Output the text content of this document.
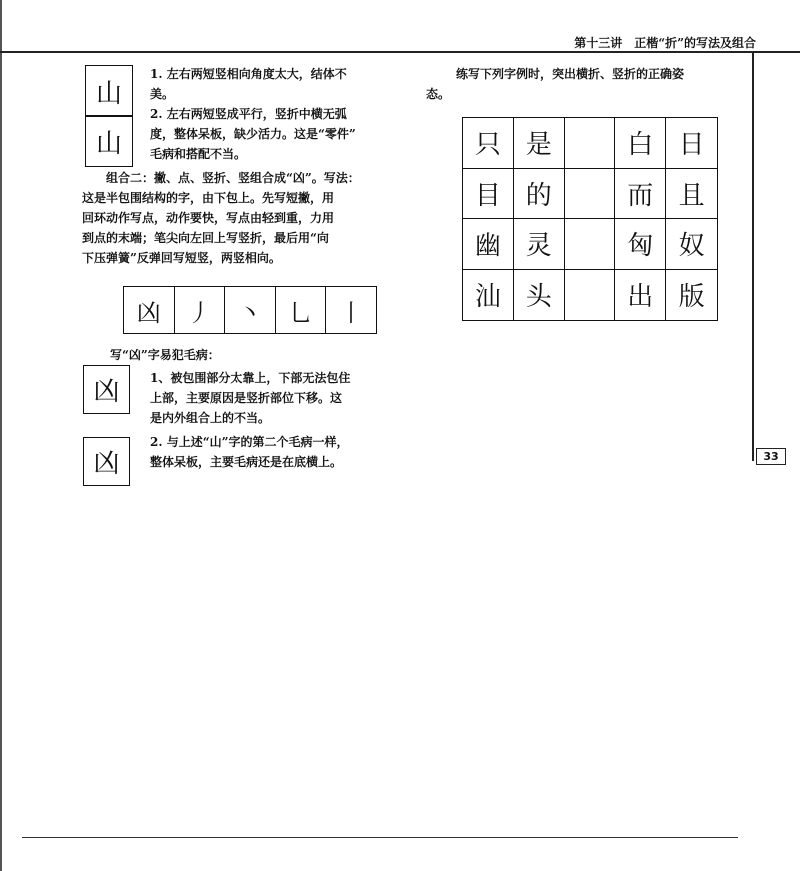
第十三讲　正楷“折”的写法及组合
33
山
山
1. 左右两短竖相向角度太大，结体不
美。
2. 左右两短竖成平行，竖折中横无弧
度，整体呆板，缺少活力。这是“零件”
毛病和搭配不当。
组合二：撇、点、竖折、竖组合成“凶”。写法：
这是半包围结构的字，由下包上。先写短撇，用
回环动作写点，动作要快，写点由轻到重，力用
到点的末端；笔尖向左回上写竖折，最后用“向
下压弹簧”反弹回写短竖，两竖相向。
凶	丿	丶	乚	丨
写“凶”字易犯毛病：
凶	1、被包围部分太靠上，下部无法包住
上部，主要原因是竖折部位下移。这
是内外组合上的不当。
凶
2. 与上述“山”字的第二个毛病一样，
整体呆板，主要毛病还是在底横上。
练写下列字例时，突出横折、竖折的正确姿
态。
只 是	白 日
目 的	而 且
幽 灵	匈 奴
汕 头	出 版
